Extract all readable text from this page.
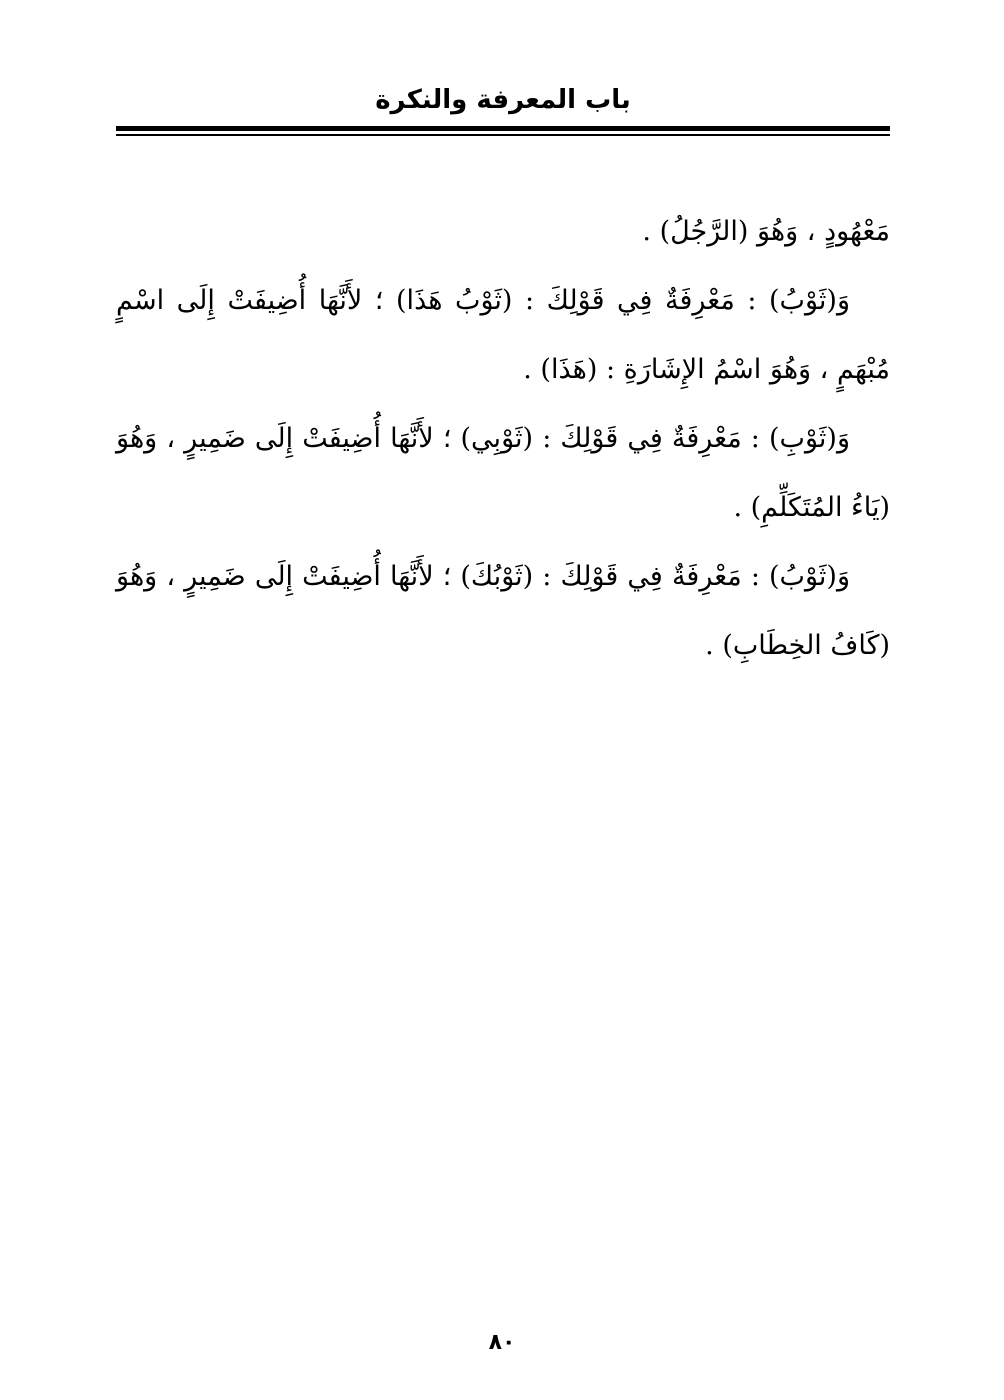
باب المعرفة والنكرة

مَعْهُودٍ ، وَهُوَ (الرَّجُلُ) .

وَ(ثَوْبُ) : مَعْرِفَةٌ فِي قَوْلِكَ : (ثَوْبُ هَذَا) ؛ لأَنَّهَا أُضِيفَتْ إِلَى اسْمٍ مُبْهَمٍ ، وَهُوَ اسْمُ الإِشَارَةِ : (هَذَا) .

وَ(ثَوْبِ) : مَعْرِفَةٌ فِي قَوْلِكَ : (ثَوْبِي) ؛ لأَنَّهَا أُضِيفَتْ إِلَى ضَمِيرٍ ، وَهُوَ (يَاءُ المُتَكَلِّمِ) .

وَ(ثَوْبُ) : مَعْرِفَةٌ فِي قَوْلِكَ : (ثَوْبُكَ) ؛ لأَنَّهَا أُضِيفَتْ إِلَى ضَمِيرٍ ، وَهُوَ (كَافُ الخِطَابِ) .

٨٠
